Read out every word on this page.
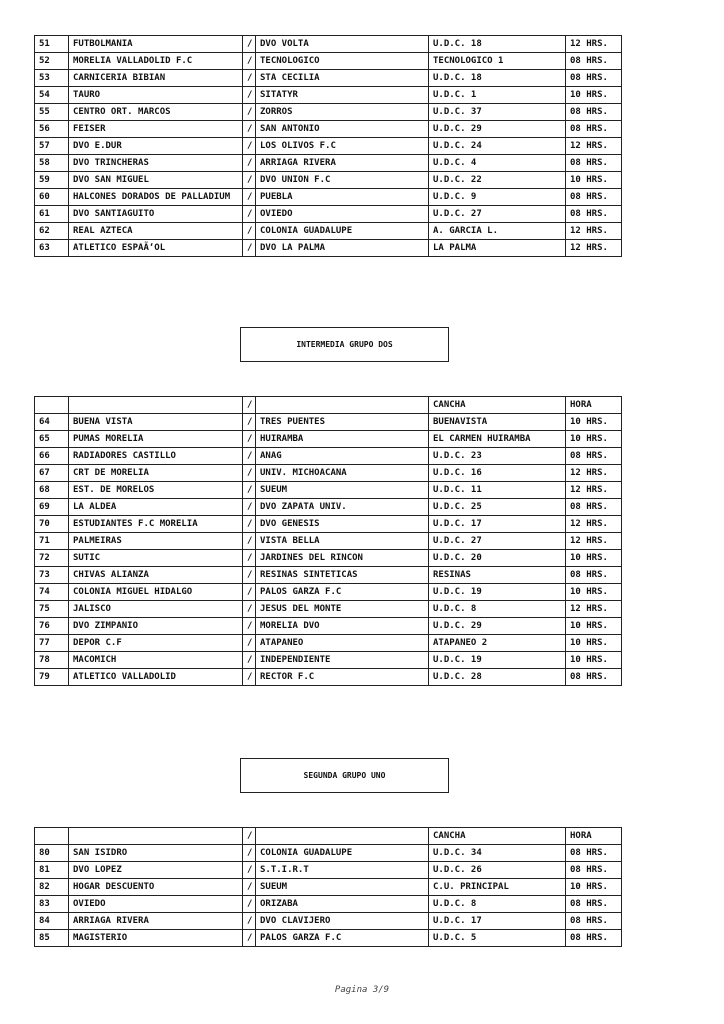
51	FUTBOLMANIA	/	DVO VOLTA	U.D.C. 18	12 HRS.
52	MORELIA VALLADOLID F.C	/	TECNOLOGICO	TECNOLOGICO 1	08 HRS.
53	CARNICERIA BIBIAN	/	STA CECILIA	U.D.C. 18	08 HRS.
54	TAURO	/	SITATYR	U.D.C. 1	10 HRS.
55	CENTRO ORT. MARCOS	/	ZORROS	U.D.C. 37	08 HRS.
56	FEISER	/	SAN ANTONIO	U.D.C. 29	08 HRS.
57	DVO E.DUR	/	LOS OLIVOS F.C	U.D.C. 24	12 HRS.
58	DVO TRINCHERAS	/	ARRIAGA RIVERA	U.D.C. 4	08 HRS.
59	DVO SAN MIGUEL	/	DVO UNION F.C	U.D.C. 22	10 HRS.
60	HALCONES DORADOS DE PALLADIUM	/	PUEBLA	U.D.C. 9	08 HRS.
61	DVO SANTIAGUITO	/	OVIEDO	U.D.C. 27	08 HRS.
62	REAL AZTECA	/	COLONIA GUADALUPE	A. GARCIA L.	12 HRS.
63	ATLETICO ESPAÃ‘OL	/	DVO LA PALMA	LA PALMA	12 HRS.
INTERMEDIA GRUPO DOS
		/		CANCHA	HORA
64	BUENA VISTA	/	TRES PUENTES	BUENAVISTA	10 HRS.
65	PUMAS MORELIA	/	HUIRAMBA	EL CARMEN HUIRAMBA	10 HRS.
66	RADIADORES CASTILLO	/	ANAG	U.D.C. 23	08 HRS.
67	CRT DE MORELIA	/	UNIV. MICHOACANA	U.D.C. 16	12 HRS.
68	EST. DE MORELOS	/	SUEUM	U.D.C. 11	12 HRS.
69	LA ALDEA	/	DVO ZAPATA UNIV.	U.D.C. 25	08 HRS.
70	ESTUDIANTES F.C MORELIA	/	DVO GENESIS	U.D.C. 17	12 HRS.
71	PALMEIRAS	/	VISTA BELLA	U.D.C. 27	12 HRS.
72	SUTIC	/	JARDINES DEL RINCON	U.D.C. 20	10 HRS.
73	CHIVAS ALIANZA	/	RESINAS SINTETICAS	RESINAS	08 HRS.
74	COLONIA MIGUEL HIDALGO	/	PALOS GARZA F.C	U.D.C. 19	10 HRS.
75	JALISCO	/	JESUS DEL MONTE	U.D.C. 8	12 HRS.
76	DVO ZIMPANIO	/	MORELIA DVO	U.D.C. 29	10 HRS.
77	DEPOR C.F	/	ATAPANEO	ATAPANEO 2	10 HRS.
78	MACOMICH	/	INDEPENDIENTE	U.D.C. 19	10 HRS.
79	ATLETICO VALLADOLID	/	RECTOR F.C	U.D.C. 28	08 HRS.
SEGUNDA GRUPO UNO
		/		CANCHA	HORA
80	SAN ISIDRO	/	COLONIA GUADALUPE	U.D.C. 34	08 HRS.
81	DVO LOPEZ	/	S.T.I.R.T	U.D.C. 26	08 HRS.
82	HOGAR DESCUENTO	/	SUEUM	C.U. PRINCIPAL	10 HRS.
83	OVIEDO	/	ORIZABA	U.D.C. 8	08 HRS.
84	ARRIAGA RIVERA	/	DVO CLAVIJERO	U.D.C. 17	08 HRS.
85	MAGISTERIO	/	PALOS GARZA F.C	U.D.C. 5	08 HRS.
Pagina 3/9
